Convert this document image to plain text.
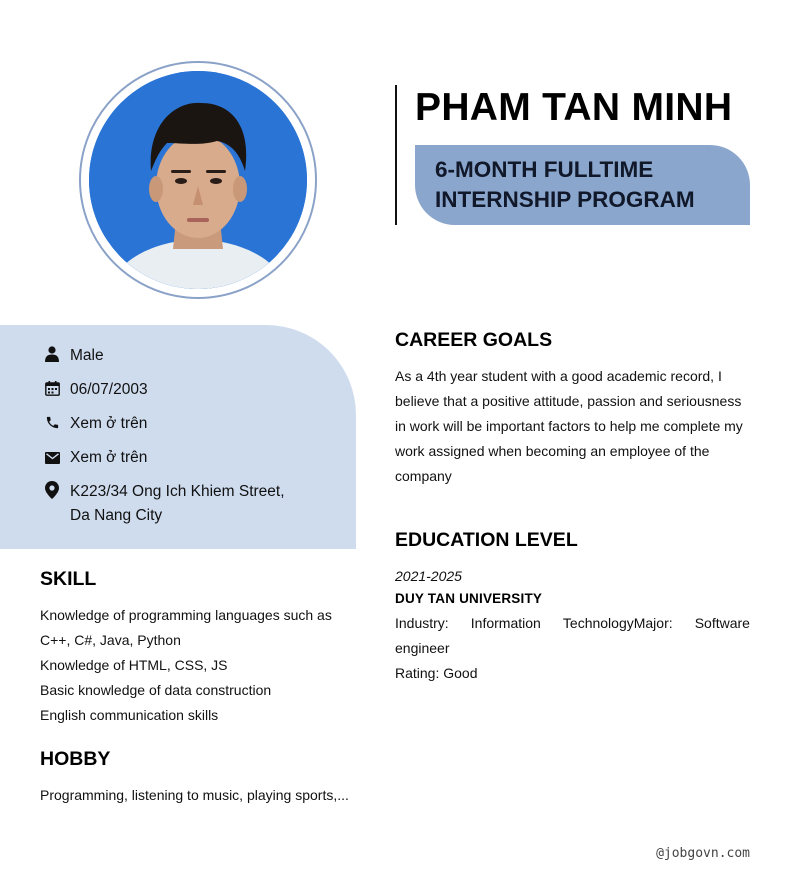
PHAM TAN MINH
6-MONTH FULLTIME
INTERNSHIP PROGRAM
Male
06/07/2003
Xem ở trên
Xem ở trên
K223/34 Ong Ich Khiem Street,
Da Nang City
SKILL
Knowledge of programming languages such as
C++, C#, Java, Python
Knowledge of HTML, CSS, JS
Basic knowledge of data construction
English communication skills
HOBBY
Programming, listening to music, playing sports,...
CAREER GOALS
As a 4th year student with a good academic record, I
believe that a positive attitude, passion and seriousness
in work will be important factors to help me complete my
work assigned when becoming an employee of the
company
EDUCATION LEVEL
2021-2025
DUY TAN UNIVERSITY
Industry: Information TechnologyMajor: Software
engineer
Rating: Good
@jobgovn.com
